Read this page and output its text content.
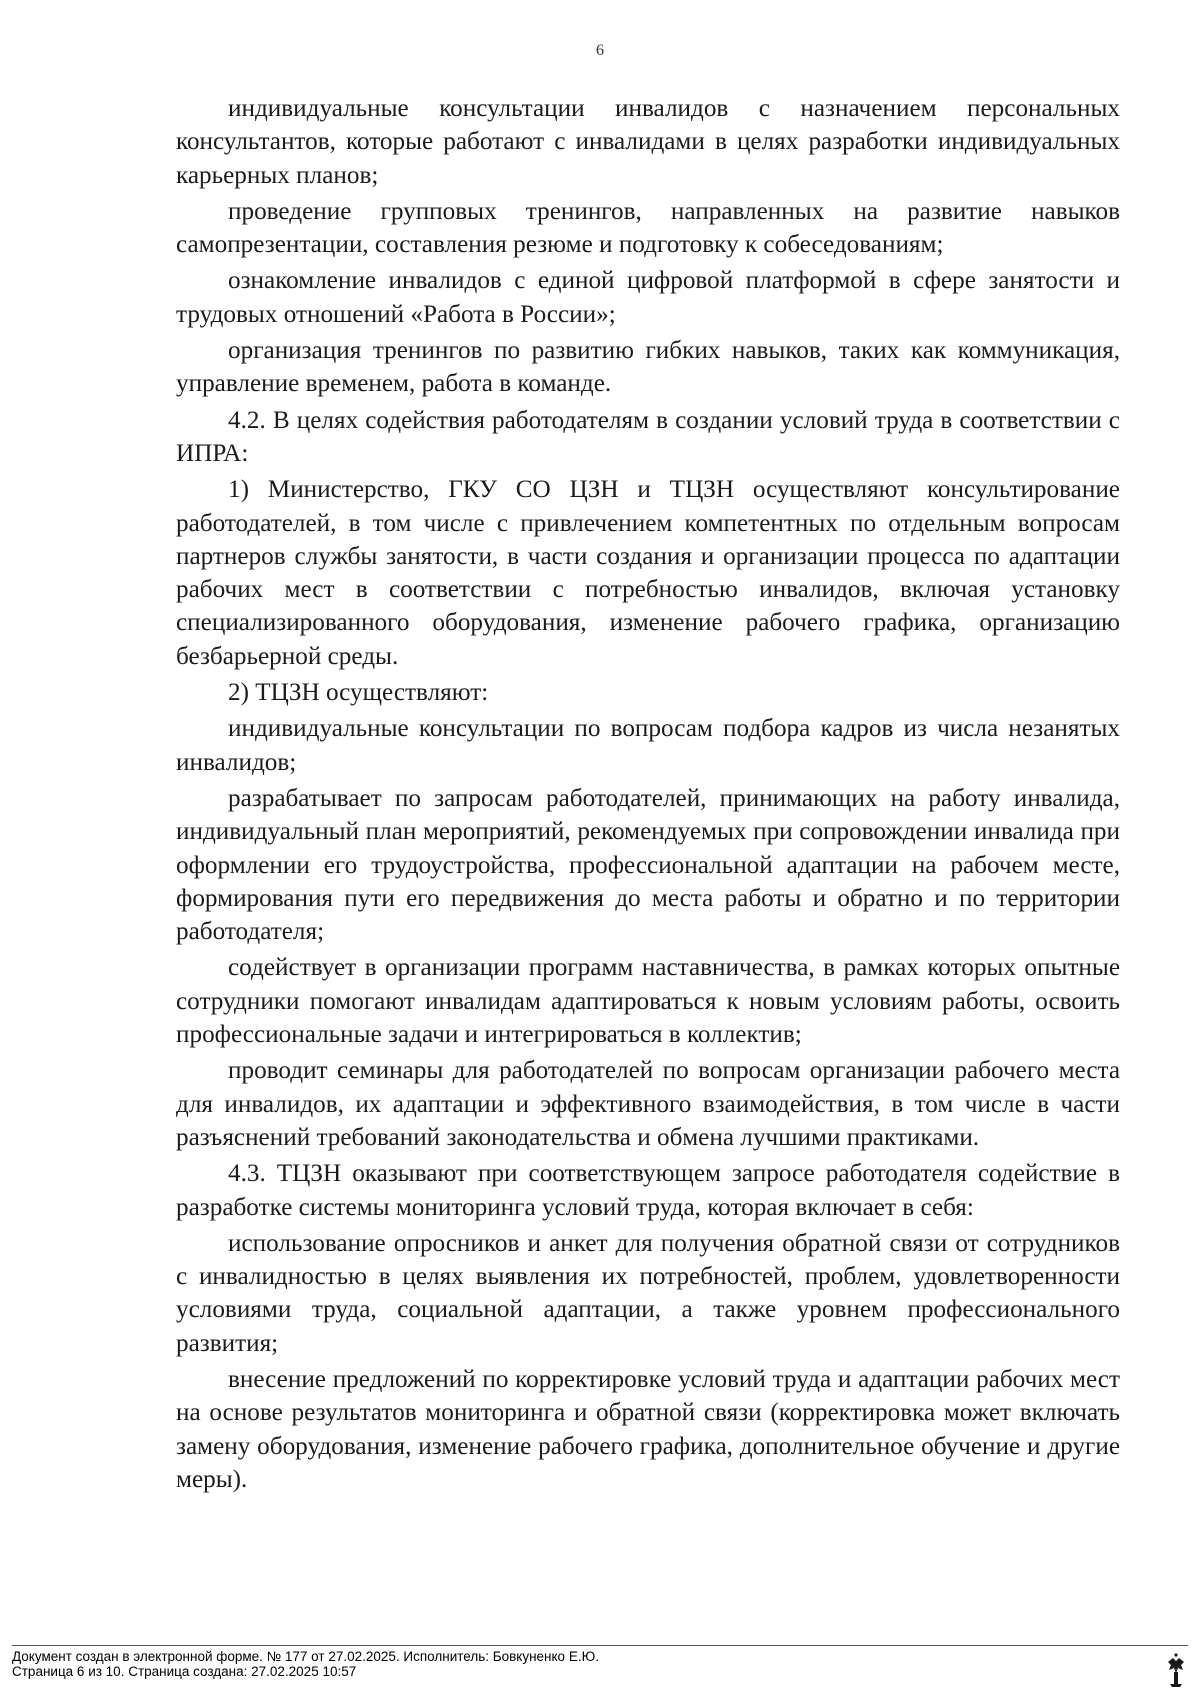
6

индивидуальные консультации инвалидов с назначением персональных консультантов, которые работают с инвалидами в целях разработки индивидуальных карьерных планов;

проведение групповых тренингов, направленных на развитие навыков самопрезентации, составления резюме и подготовку к собеседованиям;

ознакомление инвалидов с единой цифровой платформой в сфере занятости и трудовых отношений «Работа в России»;

организация тренингов по развитию гибких навыков, таких как коммуникация, управление временем, работа в команде.

4.2. В целях содействия работодателям в создании условий труда в соответствии с ИПРА:

1) Министерство, ГКУ СО ЦЗН и ТЦЗН осуществляют консультирование работодателей, в том числе с привлечением компетентных по отдельным вопросам партнеров службы занятости, в части создания и организации процесса по адаптации рабочих мест в соответствии с потребностью инвалидов, включая установку специализированного оборудования, изменение рабочего графика, организацию безбарьерной среды.

2) ТЦЗН осуществляют:

индивидуальные консультации по вопросам подбора кадров из числа незанятых инвалидов;

разрабатывает по запросам работодателей, принимающих на работу инвалида, индивидуальный план мероприятий, рекомендуемых при сопровождении инвалида при оформлении его трудоустройства, профессиональной адаптации на рабочем месте, формирования пути его передвижения до места работы и обратно и по территории работодателя;

содействует в организации программ наставничества, в рамках которых опытные сотрудники помогают инвалидам адаптироваться к новым условиям работы, освоить профессиональные задачи и интегрироваться в коллектив;

проводит семинары для работодателей по вопросам организации рабочего места для инвалидов, их адаптации и эффективного взаимодействия, в том числе в части разъяснений требований законодательства и обмена лучшими практиками.

4.3. ТЦЗН оказывают при соответствующем запросе работодателя содействие в разработке системы мониторинга условий труда, которая включает в себя:

использование опросников и анкет для получения обратной связи от сотрудников с инвалидностью в целях выявления их потребностей, проблем, удовлетворенности условиями труда, социальной адаптации, а также уровнем профессионального развития;

внесение предложений по корректировке условий труда и адаптации рабочих мест на основе результатов мониторинга и обратной связи (корректировка может включать замену оборудования, изменение рабочего графика, дополнительное обучение и другие меры).

Документ создан в электронной форме. № 177 от 27.02.2025. Исполнитель: Бовкуненко Е.Ю.
Страница 6 из 10. Страница создана: 27.02.2025 10:57
